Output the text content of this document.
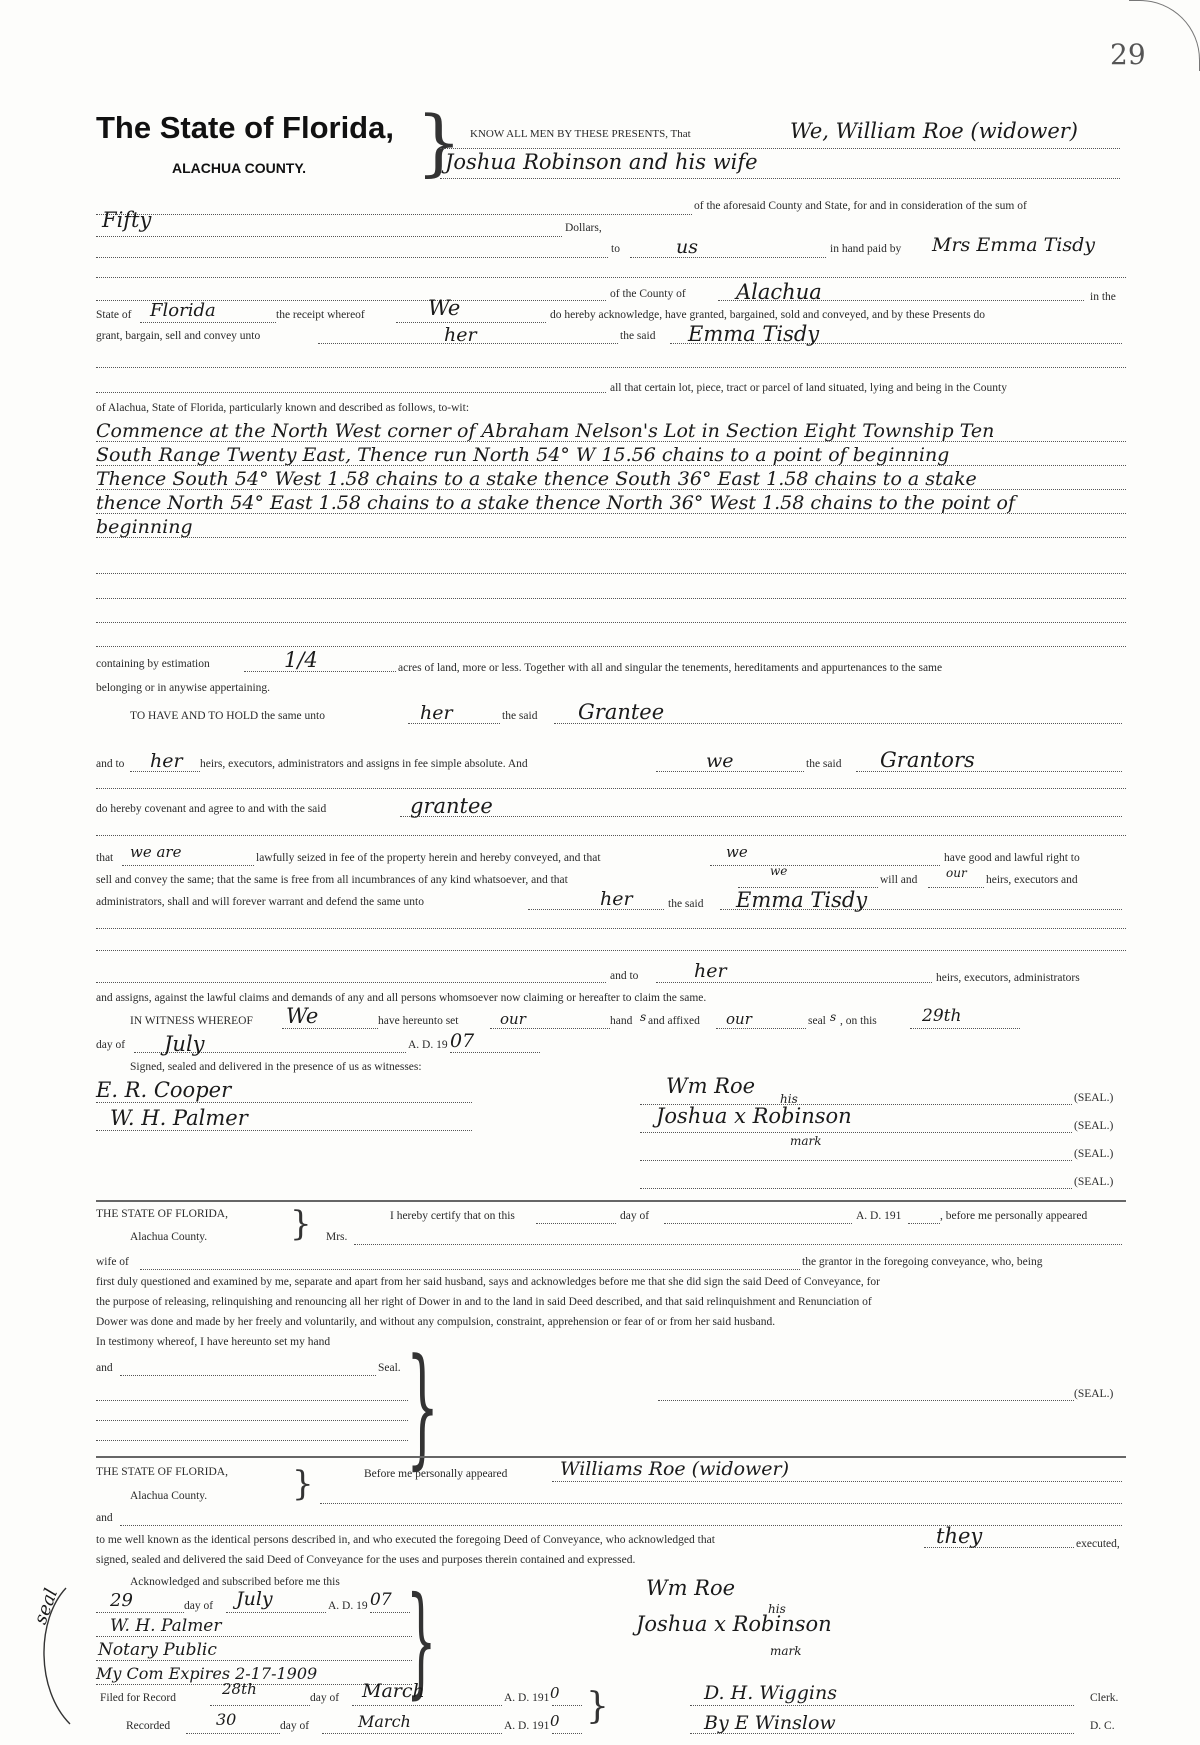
29
The State of Florida,
ALACHUA COUNTY. } KNOW ALL MEN BY THESE PRESENTS, That	We, William Roe (widower)
Joshua Robinson and his wife
of the aforesaid County and State, for and in consideration of the sum of
Fifty	Dollars,
to	us	in hand paid by Mrs Emma Tisdy
of the County of Alachua	in the
State of Florida	the receipt whereof	We	do hereby acknowledge, have granted, bargained, sold and conveyed, and by these Presents do
grant, bargain, sell and convey unto	her	the said Emma Tisdy
all that certain lot, piece, tract or parcel of land situated, lying and being in the County
of Alachua, State of Florida, particularly known and described as follows, to-wit:
Commence at the North West corner of Abraham Nelson's Lot in Section Eight Township Ten
South Range Twenty East, Thence run North 54° W 15.56 chains to a point of beginning
Thence South 54° West 1.58 chains to a stake thence South 36° East 1.58 chains to a stake
thence North 54° East 1.58 chains to a stake thence North 36° West 1.58 chains to the point of
beginning
containing by estimation	1/4	acres of land, more or less. Together with all and singular the tenements, hereditaments and appurtenances to the same
belonging or in anywise appertaining.
TO HAVE AND TO HOLD the same unto	her	the said Grantee
and to her heirs, executors, administrators and assigns in fee simple absolute. And	we	the said Grantors
do hereby covenant and agree to and with the said	grantee
that we are	lawfully seized in fee of the property herein and hereby conveyed, and that	we	have good and lawful right to
sell and convey the same; that the same is free from all incumbrances of any kind whatsoever, and that
we
will and our heirs, executors and
administrators, shall and will forever warrant and defend the same unto	her	the said Emma Tisdy
and to	her	heirs, executors, administrators
and assigns, against the lawful claims and demands of any and all persons whomsoever now claiming or hereafter to claim the same.
IN WITNESS WHEREOF We	have hereunto set	our	hand s and affixed our	seal s , on this	29th
day of July	A. D. 19 07
Signed, sealed and delivered in the presence of us as witnesses:
E. R. Cooper
W. H. Palmer
Wm Roe
Joshua x Robinson
his
mark
(SEAL.)
(SEAL.)
(SEAL.)
(SEAL.)
THE STATE OF FLORIDA,
Alachua County. }	I hereby certify that on this	day of	A. D. 191	, before me personally appeared
Mrs.
wife of	the grantor in the foregoing conveyance, who, being
first duly questioned and examined by me, separate and apart from her said husband, says and acknowledges before me that she did sign the said Deed of Conveyance, for
the purpose of releasing, relinquishing and renouncing all her right of Dower in and to the land in said Deed described, and that said relinquishment and Renunciation of
Dower was done and made by her freely and voluntarily, and without any compulsion, constraint, apprehension or fear of or from her said husband.
In testimony whereof, I have hereunto set my hand
and	Seal. }	(SEAL.)
THE STATE OF FLORIDA,
Alachua County. }	Before me personally appeared	Williams Roe (widower)
and
to me well known as the identical persons described in, and who executed the foregoing Deed of Conveyance, who acknowledged that	they	executed,
signed, sealed and delivered the said Deed of Conveyance for the uses and purposes therein contained and expressed.
Acknowledged and subscribed before me this
29	day of July	A. D. 19 07
W. H. Palmer
Notary Public
My Com Expires 2-17-1909 }
seal	Wm Roe
Joshua x Robinson
his
mark
Filed for Record	28th	day of March	A. D. 191 0
Recorded	30	day of	March	A. D. 191 0 }	D. H. Wiggins	Clerk.
By E Winslow	D. C.
